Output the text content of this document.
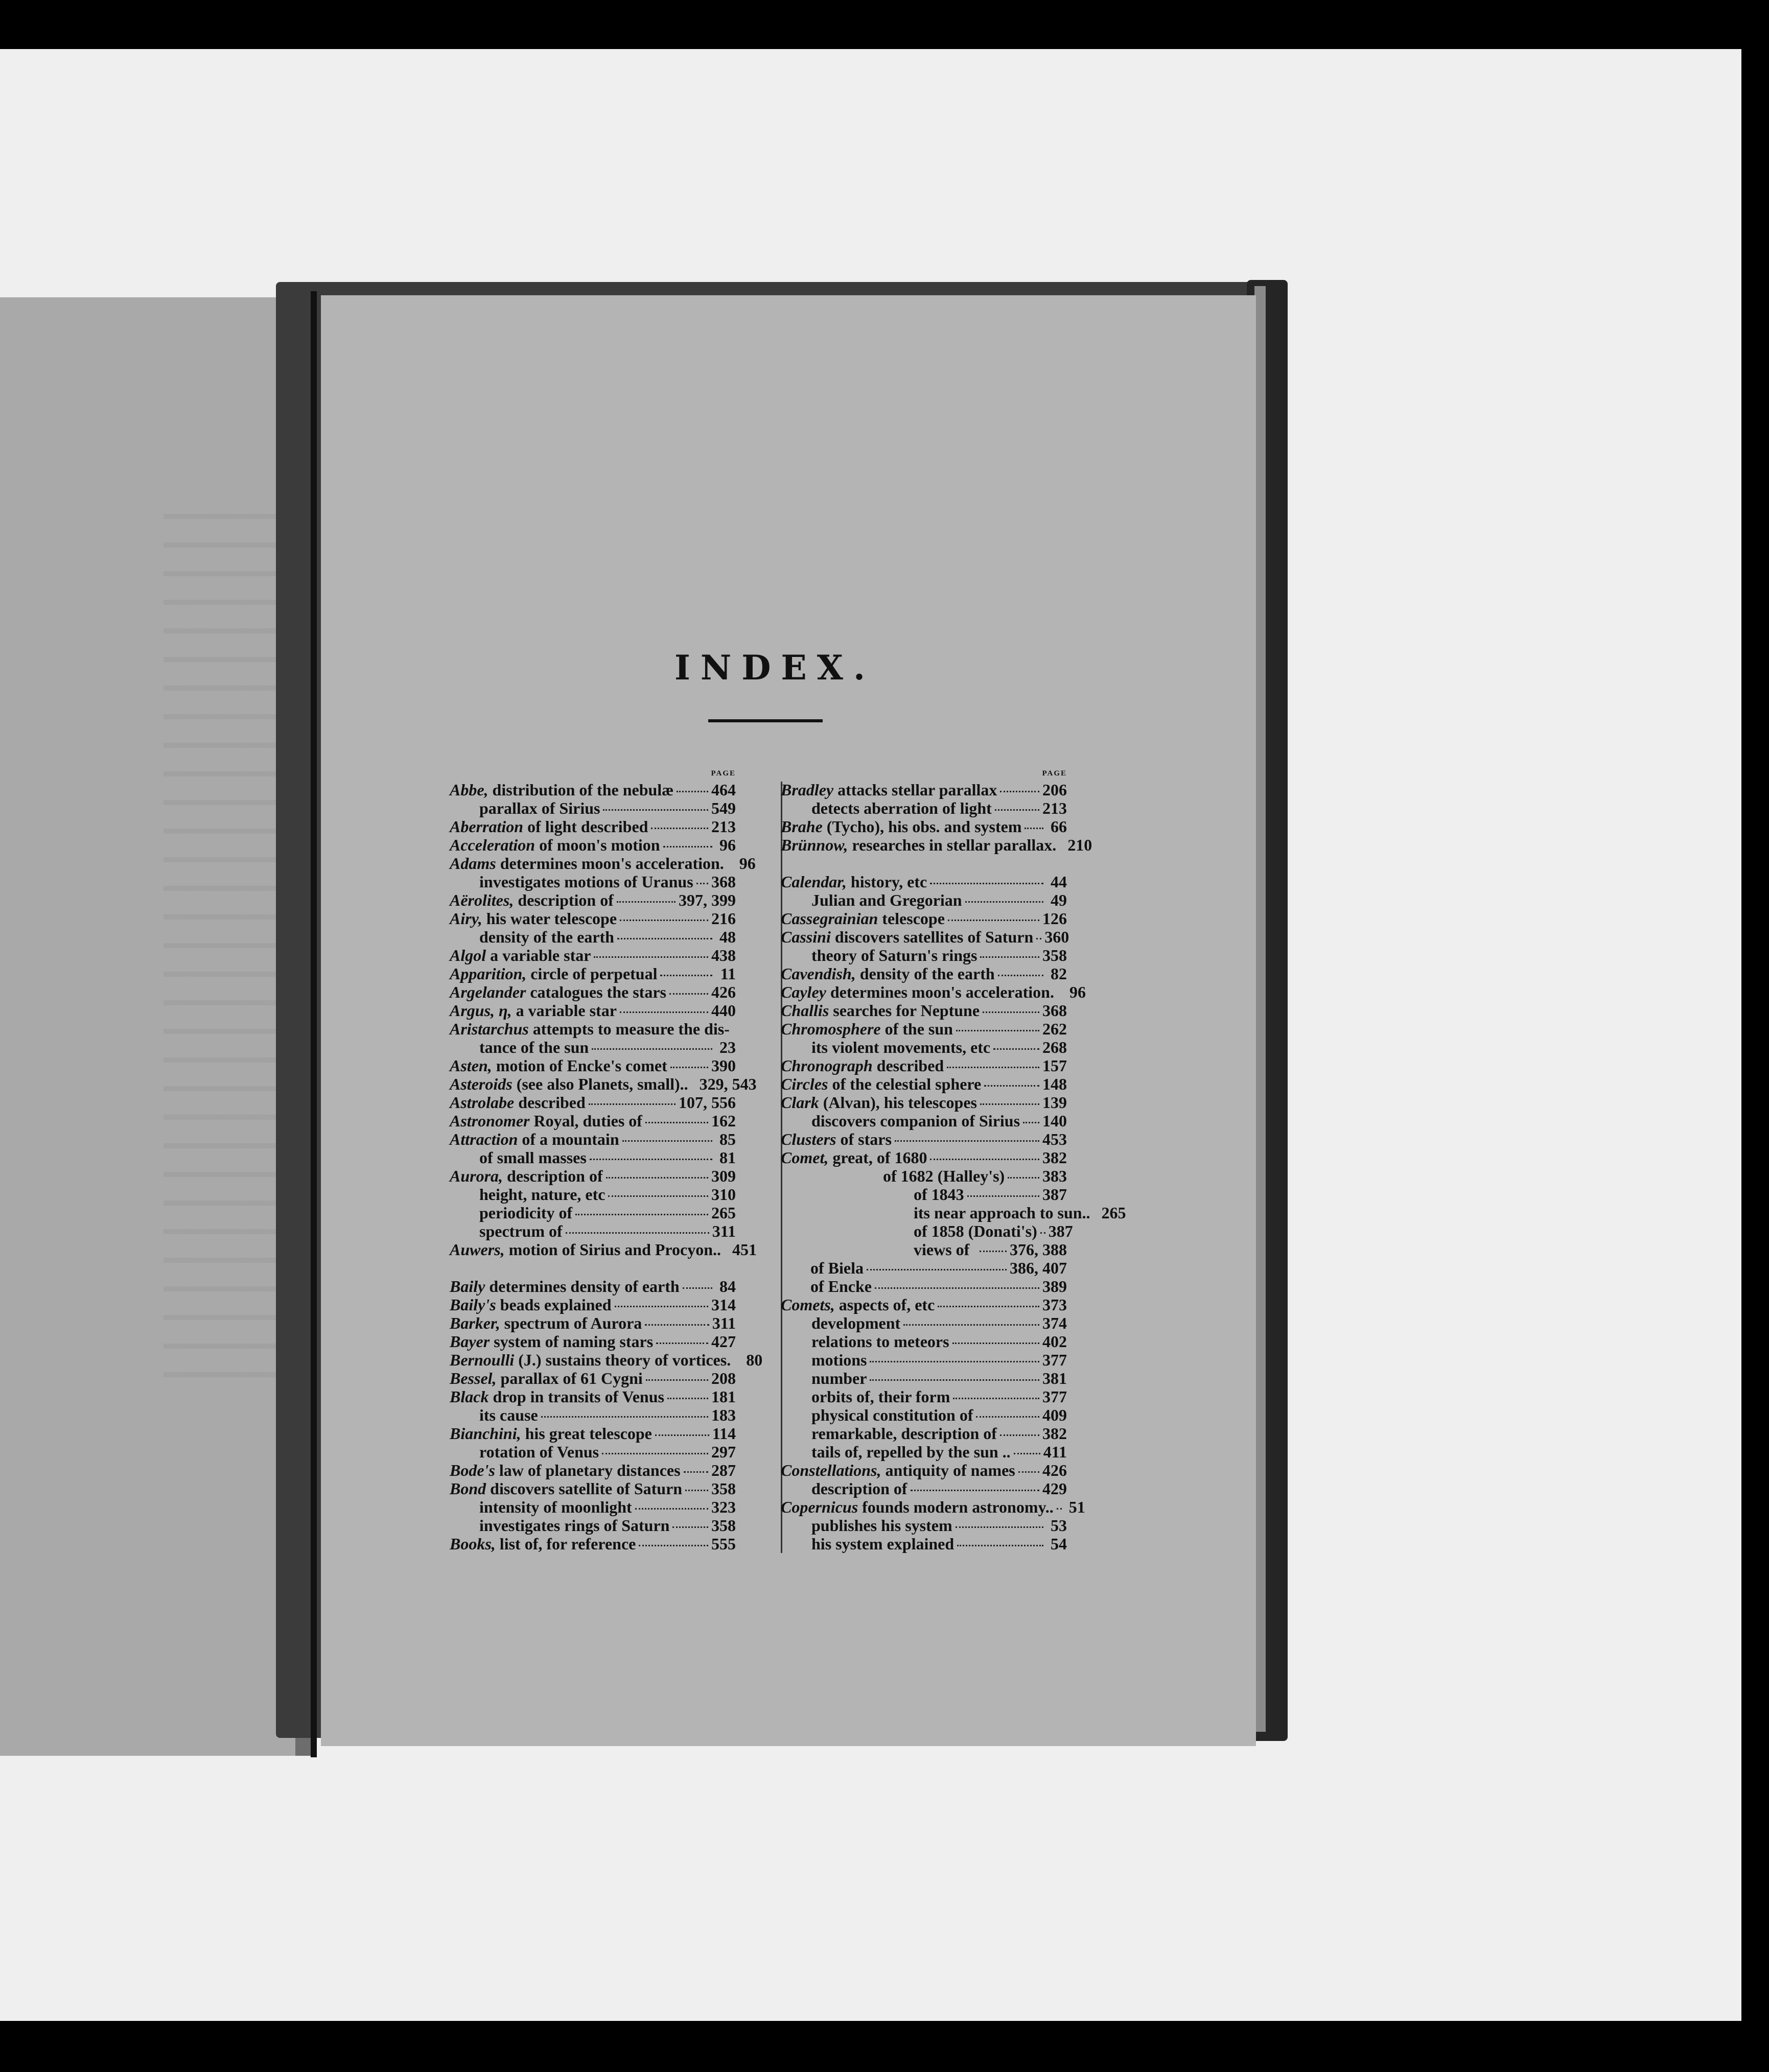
INDEX.
PAGE
Abbe, distribution of the nebulæ 464
parallax of Sirius	549
Aberration of light described	213
Acceleration of moon's motion	96
Adams determines moon's acceleration. 96
investigates motions of Uranus 368
Aërolites, description of	397, 399
Airy, his water telescope	216
density of the earth	48
Algol a variable star	438
Apparition, circle of perpetual	11
Argelander catalogues the stars	426
Argus, η, a variable star	440
Aristarchus attempts to measure the dis-
tance of the sun	23
Asten, motion of Encke's comet	390
Asteroids (see also Planets, small).. 329, 543
Astrolabe described	107, 556
Astronomer Royal, duties of	162
Attraction of a mountain	85
of small masses	81
Aurora, description of	309
height, nature, etc	310
periodicity of	265
spectrum of	311
Auwers, motion of Sirius and Procyon.. 451
Baily determines density of earth 84
Baily's beads explained	314
Barker, spectrum of Aurora	311
Bayer system of naming stars	427
Bernoulli (J.) sustains theory of vortices. 80
Bessel, parallax of 61 Cygni	208
Black drop in transits of Venus	181
its cause	183
Bianchini, his great telescope	114
rotation of Venus	297
Bode's law of planetary distances 287
Bond discovers satellite of Saturn 358
intensity of moonlight	323
investigates rings of Saturn	358
Books, list of, for reference	555
PAGE
Bradley attacks stellar parallax	206
detects aberration of light	213
Brahe (Tycho), his obs. and system 66
Brünnow, researches in stellar parallax. 210
Calendar, history, etc	44
Julian and Gregorian	49
Cassegrainian telescope	126
Cassini discovers satellites of Saturn 360
theory of Saturn's rings	358
Cavendish, density of the earth	82
Cayley determines moon's acceleration. 96
Challis searches for Neptune	368
Chromosphere of the sun	262
its violent movements, etc	268
Chronograph described	157
Circles of the celestial sphere	148
Clark (Alvan), his telescopes	139
discovers companion of Sirius 140
Clusters of stars	453
Comet, great, of 1680	382
of 1682 (Halley's) 383
of 1843	387
its near approach to sun.. 265
of 1858 (Donati's) 387
views of 376, 388
of Biela	386, 407
of Encke	389
Comets, aspects of, etc	373
development	374
relations to meteors	402
motions	377
number	381
orbits of, their form	377
physical constitution of	409
remarkable, description of	382
tails of, repelled by the sun .. 411
Constellations, antiquity of names 426
description of	429
Copernicus founds modern astronomy.. 51
publishes his system	53
his system explained	54
